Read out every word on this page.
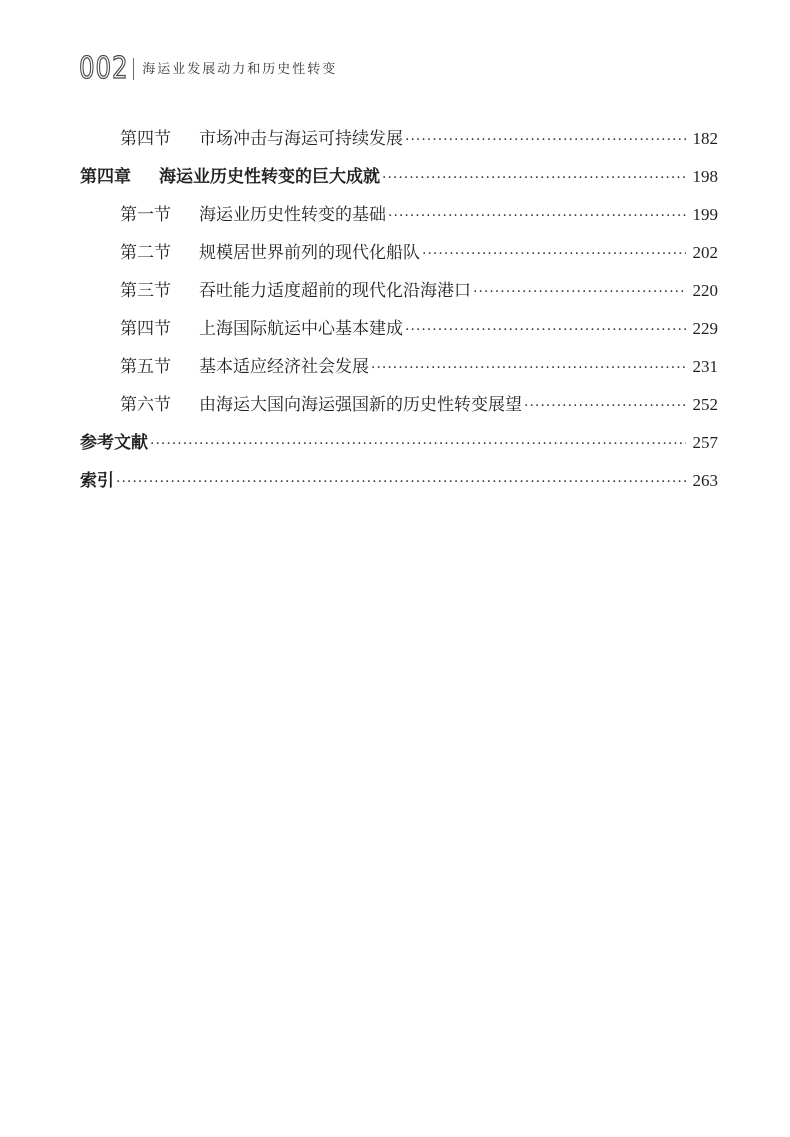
002 海运业发展动力和历史性转变
第四节	市场冲击与海运可持续发展 ·····	182
第四章	海运业历史性转变的巨大成就 ·····	198
第一节	海运业历史性转变的基础 ·····	199
第二节	规模居世界前列的现代化船队 ·····	202
第三节	吞吐能力适度超前的现代化沿海港口 ·····	220
第四节	上海国际航运中心基本建成 ·····	229
第五节	基本适应经济社会发展 ·····	231
第六节	由海运大国向海运强国新的历史性转变展望 ·····	252
参考文献 ·····	257
索引 ·····	263
